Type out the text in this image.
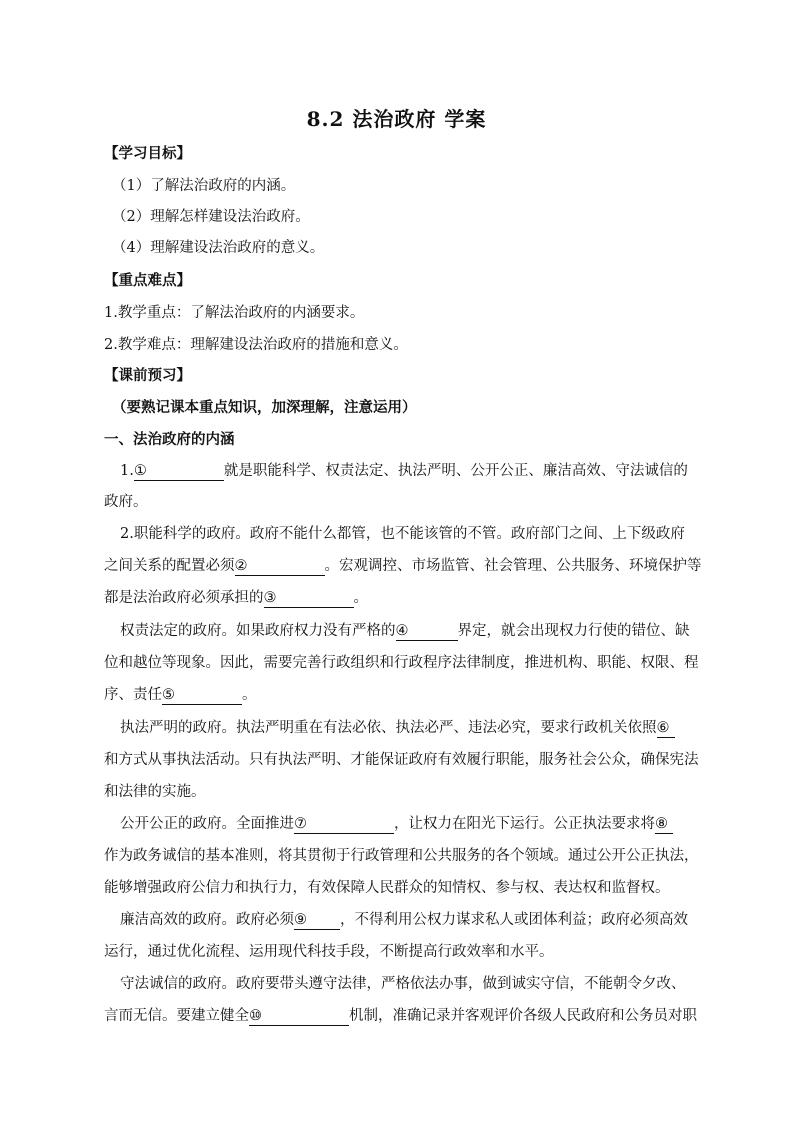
8.2 法治政府 学案
【学习目标】
（1）了解法治政府的内涵。
（2）理解怎样建设法治政府。
（4）理解建设法治政府的意义。
【重点难点】
1.教学重点：了解法治政府的内涵要求。
2.教学难点：理解建设法治政府的措施和意义。
【课前预习】
（要熟记课本重点知识，加深理解，注意运用）
一、法治政府的内涵
1.①	就是职能科学、权责法定、执法严明、公开公正、廉洁高效、守法诚信的
政府。
2.职能科学的政府。政府不能什么都管，也不能该管的不管。政府部门之间、上下级政府
之间关系的配置必须②	。宏观调控、市场监管、社会管理、公共服务、环境保护等
都是法治政府必须承担的③	。
权责法定的政府。如果政府权力没有严格的④	界定，就会出现权力行使的错位、缺
位和越位等现象。因此，需要完善行政组织和行政程序法律制度，推进机构、职能、权限、程
序、责任⑤	。
执法严明的政府。执法严明重在有法必依、执法必严、违法必究，要求行政机关依照⑥
和方式从事执法活动。只有执法严明、才能保证政府有效履行职能，服务社会公众，确保宪法
和法律的实施。
公开公正的政府。全面推进⑦	，让权力在阳光下运行。公正执法要求将⑧
作为政务诚信的基本准则，将其贯彻于行政管理和公共服务的各个领域。通过公开公正执法，
能够增强政府公信力和执行力，有效保障人民群众的知情权、参与权、表达权和监督权。
廉洁高效的政府。政府必须⑨ ，不得利用公权力谋求私人或团体利益；政府必须高效
运行，通过优化流程、运用现代科技手段，不断提高行政效率和水平。
守法诚信的政府。政府要带头遵守法律，严格依法办事，做到诚实守信，不能朝令夕改、
言而无信。要建立健全⑩	机制，准确记录并客观评价各级人民政府和公务员对职
